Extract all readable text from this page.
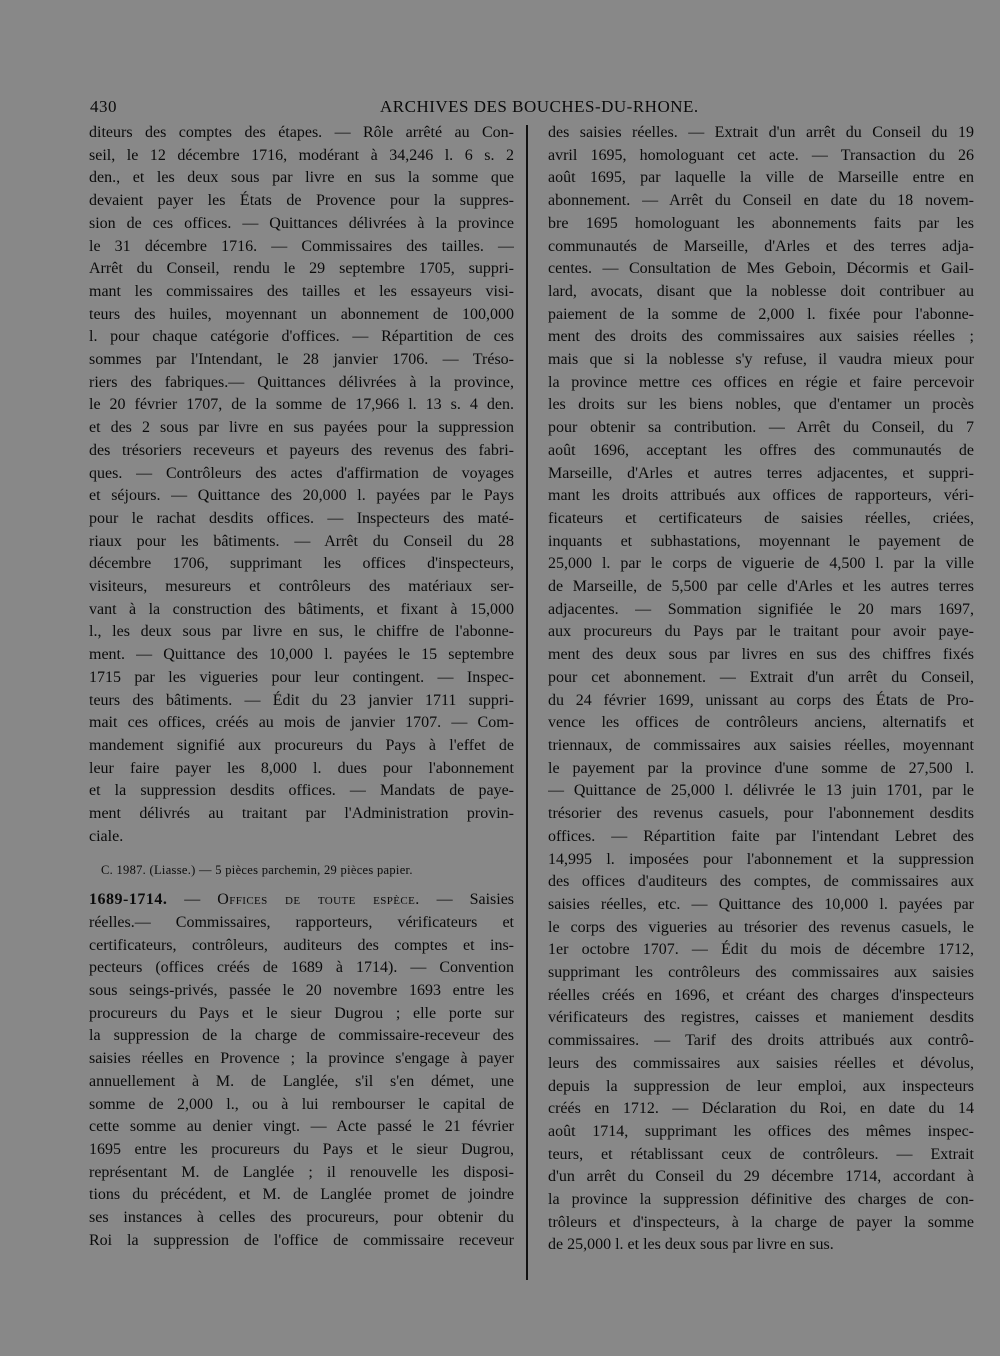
430	ARCHIVES DES BOUCHES-DU-RHONE.
diteurs des comptes des étapes. — Rôle arrêté au Con-
seil, le 12 décembre 1716, modérant à 34,246 l. 6 s. 2
den., et les deux sous par livre en sus la somme que
devaient payer les États de Provence pour la suppres-
sion de ces offices. — Quittances délivrées à la province
le 31 décembre 1716. — Commissaires des tailles. —
Arrêt du Conseil, rendu le 29 septembre 1705, suppri-
mant les commissaires des tailles et les essayeurs visi-
teurs des huiles, moyennant un abonnement de 100,000
l. pour chaque catégorie d'offices. — Répartition de ces
sommes par l'Intendant, le 28 janvier 1706. — Tréso-
riers des fabriques.— Quittances délivrées à la province,
le 20 février 1707, de la somme de 17,966 l. 13 s. 4 den.
et des 2 sous par livre en sus payées pour la suppression
des trésoriers receveurs et payeurs des revenus des fabri-
ques. — Contrôleurs des actes d'affirmation de voyages
et séjours. — Quittance des 20,000 l. payées par le Pays
pour le rachat desdits offices. — Inspecteurs des maté-
riaux pour les bâtiments. — Arrêt du Conseil du 28
décembre 1706, supprimant les offices d'inspecteurs,
visiteurs, mesureurs et contrôleurs des matériaux ser-
vant à la construction des bâtiments, et fixant à 15,000
l., les deux sous par livre en sus, le chiffre de l'abonne-
ment. — Quittance des 10,000 l. payées le 15 septembre
1715 par les vigueries pour leur contingent. — Inspec-
teurs des bâtiments. — Édit du 23 janvier 1711 suppri-
mait ces offices, créés au mois de janvier 1707. — Com-
mandement signifié aux procureurs du Pays à l'effet de
leur faire payer les 8,000 l. dues pour l'abonnement
et la suppression desdits offices. — Mandats de paye-
ment délivrés au traitant par l'Administration provin-
ciale.
C. 1987. (Liasse.) — 5 pièces parchemin, 29 pièces papier.
1689-1714. — Offices de toute espèce. — Saisies
réelles.— Commissaires, rapporteurs, vérificateurs et
certificateurs, contrôleurs, auditeurs des comptes et ins-
pecteurs (offices créés de 1689 à 1714). — Convention
sous seings-privés, passée le 20 novembre 1693 entre les
procureurs du Pays et le sieur Dugrou ; elle porte sur
la suppression de la charge de commissaire-receveur des
saisies réelles en Provence ; la province s'engage à payer
annuellement à M. de Langlée, s'il s'en démet, une
somme de 2,000 l., ou à lui rembourser le capital de
cette somme au denier vingt. — Acte passé le 21 février
1695 entre les procureurs du Pays et le sieur Dugrou,
représentant M. de Langlée ; il renouvelle les disposi-
tions du précédent, et M. de Langlée promet de joindre
ses instances à celles des procureurs, pour obtenir du
Roi la suppression de l'office de commissaire receveur
des saisies réelles. — Extrait d'un arrêt du Conseil du 19
avril 1695, homologuant cet acte. — Transaction du 26
août 1695, par laquelle la ville de Marseille entre en
abonnement. — Arrêt du Conseil en date du 18 novem-
bre 1695 homologuant les abonnements faits par les
communautés de Marseille, d'Arles et des terres adja-
centes. — Consultation de Mes Geboin, Décormis et Gail-
lard, avocats, disant que la noblesse doit contribuer au
paiement de la somme de 2,000 l. fixée pour l'abonne-
ment des droits des commissaires aux saisies réelles ;
mais que si la noblesse s'y refuse, il vaudra mieux pour
la province mettre ces offices en régie et faire percevoir
les droits sur les biens nobles, que d'entamer un procès
pour obtenir sa contribution. — Arrêt du Conseil, du 7
août 1696, acceptant les offres des communautés de
Marseille, d'Arles et autres terres adjacentes, et suppri-
mant les droits attribués aux offices de rapporteurs, véri-
ficateurs et certificateurs de saisies réelles, criées,
inquants et subhastations, moyennant le payement de
25,000 l. par le corps de viguerie de 4,500 l. par la ville
de Marseille, de 5,500 par celle d'Arles et les autres terres
adjacentes. — Sommation signifiée le 20 mars 1697,
aux procureurs du Pays par le traitant pour avoir paye-
ment des deux sous par livres en sus des chiffres fixés
pour cet abonnement. — Extrait d'un arrêt du Conseil,
du 24 février 1699, unissant au corps des États de Pro-
vence les offices de contrôleurs anciens, alternatifs et
triennaux, de commissaires aux saisies réelles, moyennant
le payement par la province d'une somme de 27,500 l.
— Quittance de 25,000 l. délivrée le 13 juin 1701, par le
trésorier des revenus casuels, pour l'abonnement desdits
offices. — Répartition faite par l'intendant Lebret des
14,995 l. imposées pour l'abonnement et la suppression
des offices d'auditeurs des comptes, de commissaires aux
saisies réelles, etc. — Quittance des 10,000 l. payées par
le corps des vigueries au trésorier des revenus casuels, le
1er octobre 1707. — Édit du mois de décembre 1712,
supprimant les contrôleurs des commissaires aux saisies
réelles créés en 1696, et créant des charges d'inspecteurs
vérificateurs des registres, caisses et maniement desdits
commissaires. — Tarif des droits attribués aux contrô-
leurs des commissaires aux saisies réelles et dévolus,
depuis la suppression de leur emploi, aux inspecteurs
créés en 1712. — Déclaration du Roi, en date du 14
août 1714, supprimant les offices des mêmes inspec-
teurs, et rétablissant ceux de contrôleurs. — Extrait
d'un arrêt du Conseil du 29 décembre 1714, accordant à
la province la suppression définitive des charges de con-
trôleurs et d'inspecteurs, à la charge de payer la somme
de 25,000 l. et les deux sous par livre en sus.
